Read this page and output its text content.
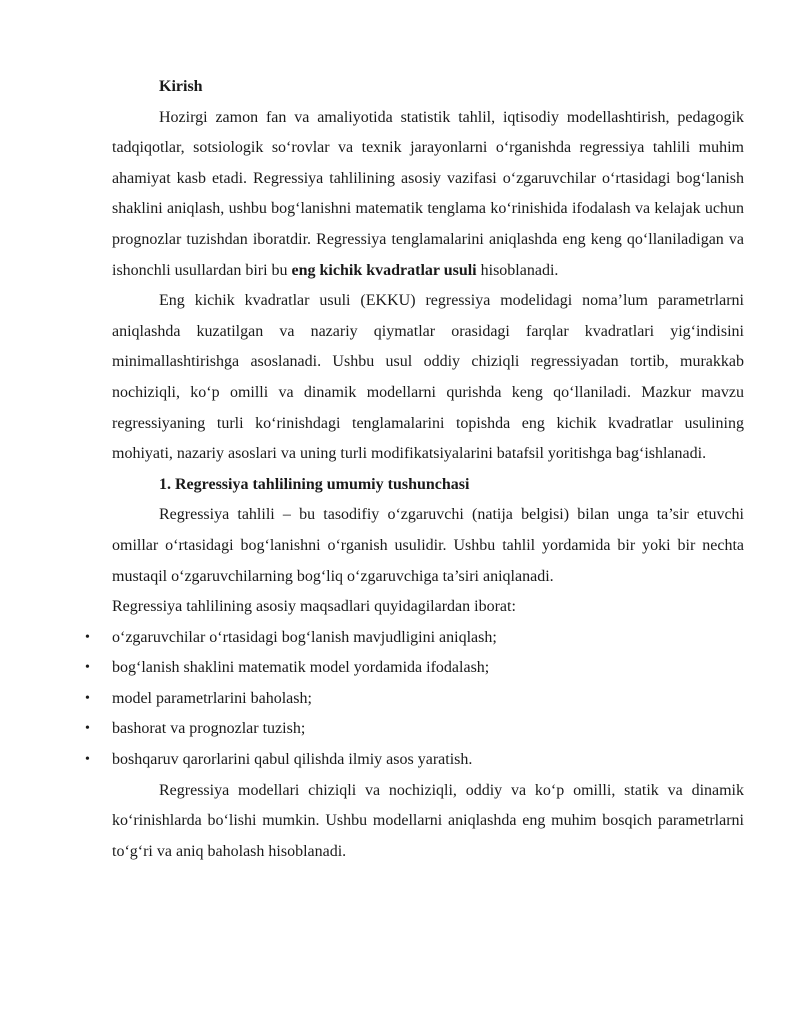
Kirish

Hozirgi zamon fan va amaliyotida statistik tahlil, iqtisodiy modellashtirish, pedagogik tadqiqotlar, sotsiologik so‘rovlar va texnik jarayonlarni o‘rganishda regressiya tahlili muhim ahamiyat kasb etadi. Regressiya tahlilining asosiy vazifasi o‘zgaruvchilar o‘rtasidagi bog‘lanish shaklini aniqlash, ushbu bog‘lanishni matematik tenglama ko‘rinishida ifodalash va kelajak uchun prognozlar tuzishdan iboratdir. Regressiya tenglamalarini aniqlashda eng keng qo‘llaniladigan va ishonchli usullardan biri bu eng kichik kvadratlar usuli hisoblanadi.

Eng kichik kvadratlar usuli (EKKU) regressiya modelidagi noma’lum parametrlarni aniqlashda kuzatilgan va nazariy qiymatlar orasidagi farqlar kvadratlari yig‘indisini minimallashtirishga asoslanadi. Ushbu usul oddiy chiziqli regressiyadan tortib, murakkab nochiziqli, ko‘p omilli va dinamik modellarni qurishda keng qo‘llaniladi. Mazkur mavzu regressiyaning turli ko‘rinishdagi tenglamalarini topishda eng kichik kvadratlar usulining mohiyati, nazariy asoslari va uning turli modifikatsiyalarini batafsil yoritishga bag‘ishlanadi.

1. Regressiya tahlilining umumiy tushunchasi

Regressiya tahlili – bu tasodifiy o‘zgaruvchi (natija belgisi) bilan unga ta’sir etuvchi omillar o‘rtasidagi bog‘lanishni o‘rganish usulidir. Ushbu tahlil yordamida bir yoki bir nechta mustaqil o‘zgaruvchilarning bog‘liq o‘zgaruvchiga ta’siri aniqlanadi.

Regressiya tahlilining asosiy maqsadlari quyidagilardan iborat:

• o‘zgaruvchilar o‘rtasidagi bog‘lanish mavjudligini aniqlash;
• bog‘lanish shaklini matematik model yordamida ifodalash;
• model parametrlarini baholash;
• bashorat va prognozlar tuzish;
• boshqaruv qarorlarini qabul qilishda ilmiy asos yaratish.

Regressiya modellari chiziqli va nochiziqli, oddiy va ko‘p omilli, statik va dinamik ko‘rinishlarda bo‘lishi mumkin. Ushbu modellarni aniqlashda eng muhim bosqich parametrlarni to‘g‘ri va aniq baholash hisoblanadi.
